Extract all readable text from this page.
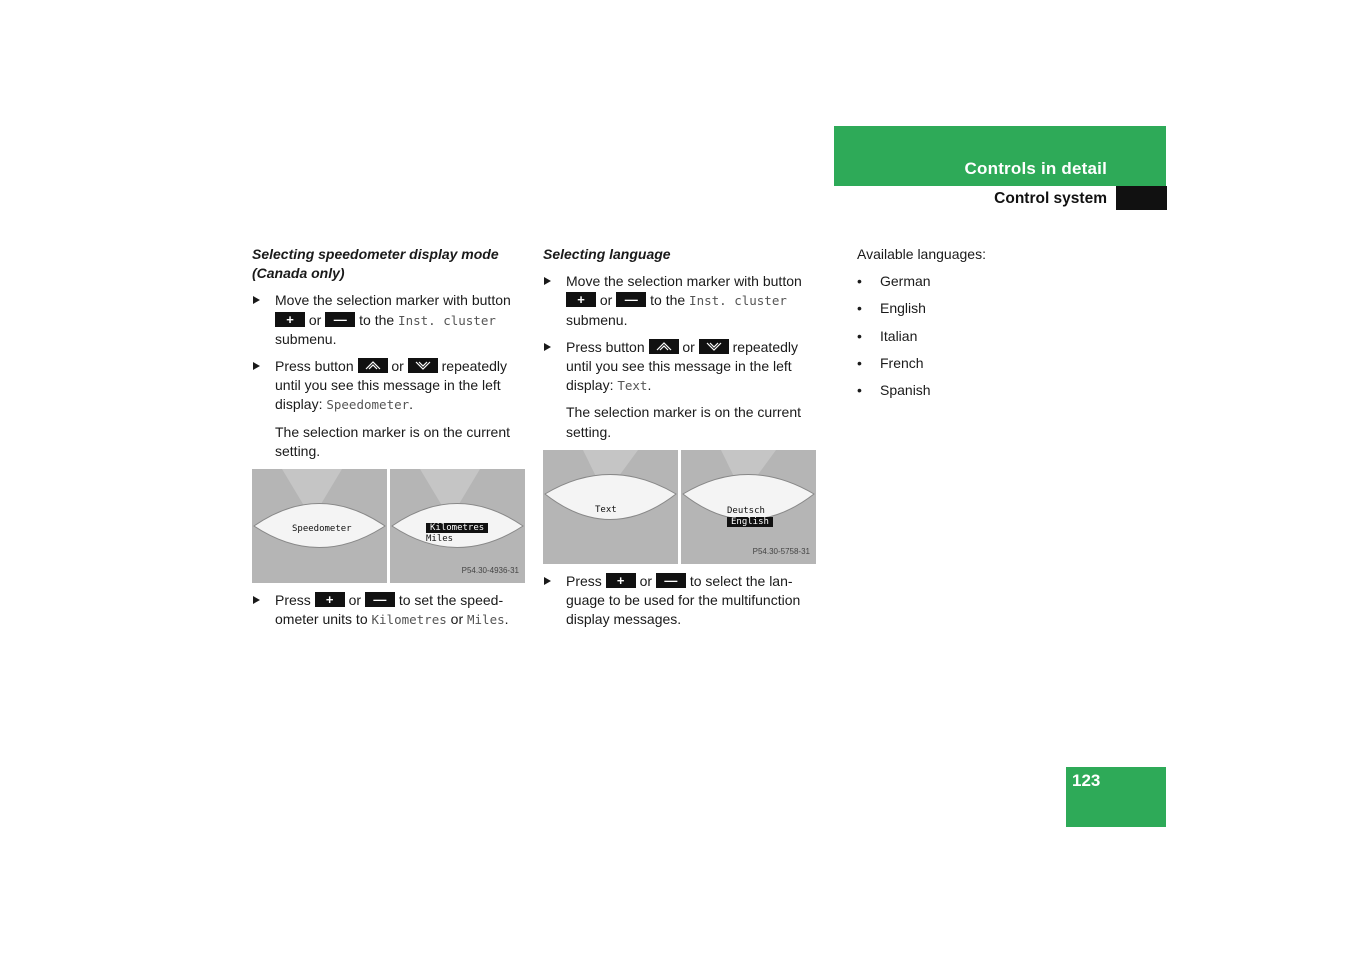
Controls in detail
Control system
Selecting speedometer display mode (Canada only)
Move the selection marker with button
+	or — to the Inst. cluster submenu.
Press button	or	repeatedly until you see this message in the left display: Speedometer.
The selection marker is on the current setting.
Speedometer	Kilometres
Miles
P54.30-4936-31
Press	+	or — to set the speed-ometer units to Kilometres or Miles.
Selecting language
Move the selection marker with button
+	or — to the Inst. cluster submenu.
Press button	or	repeatedly until you see this message in the left display: Text.
The selection marker is on the current setting.
Text	Deutsch
English
P54.30-5758-31
Press	+	or — to select the lan-guage to be used for the multifunction display messages.
Available languages:
• German
• English
• Italian
• French
• Spanish
123
